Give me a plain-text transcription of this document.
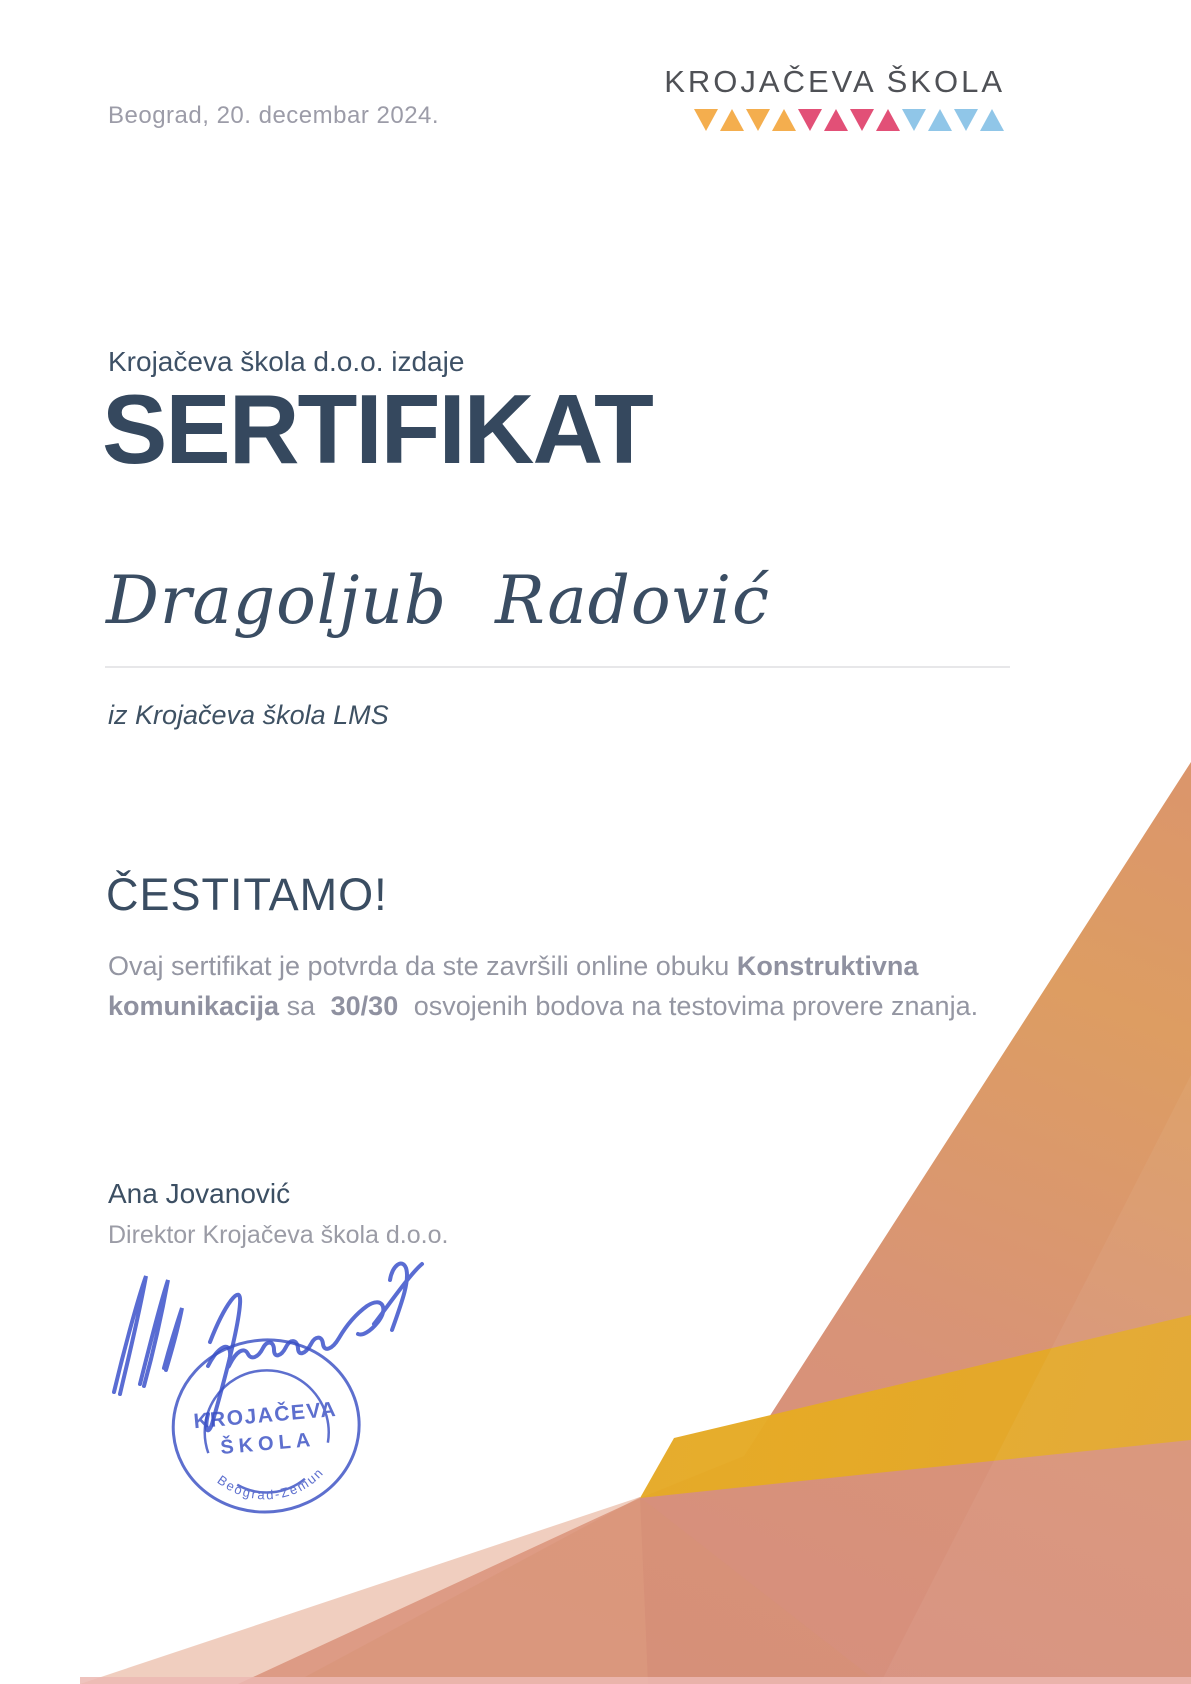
Beograd, 20. decembar 2024.
KROJAČEVA ŠKOLA
Krojačeva škola d.o.o. izdaje
SERTIFIKAT
Dragoljub Radović
iz Krojačeva škola LMS
ČESTITAMO!
Ovaj sertifikat je potvrda da ste završili online obuku Konstruktivna komunikacija sa 30/30 osvojenih bodova na testovima provere znanja.
Ana Jovanović
Direktor Krojačeva škola d.o.o.
KROJAČEVA
ŠKOLA
Beograd-Zemun
